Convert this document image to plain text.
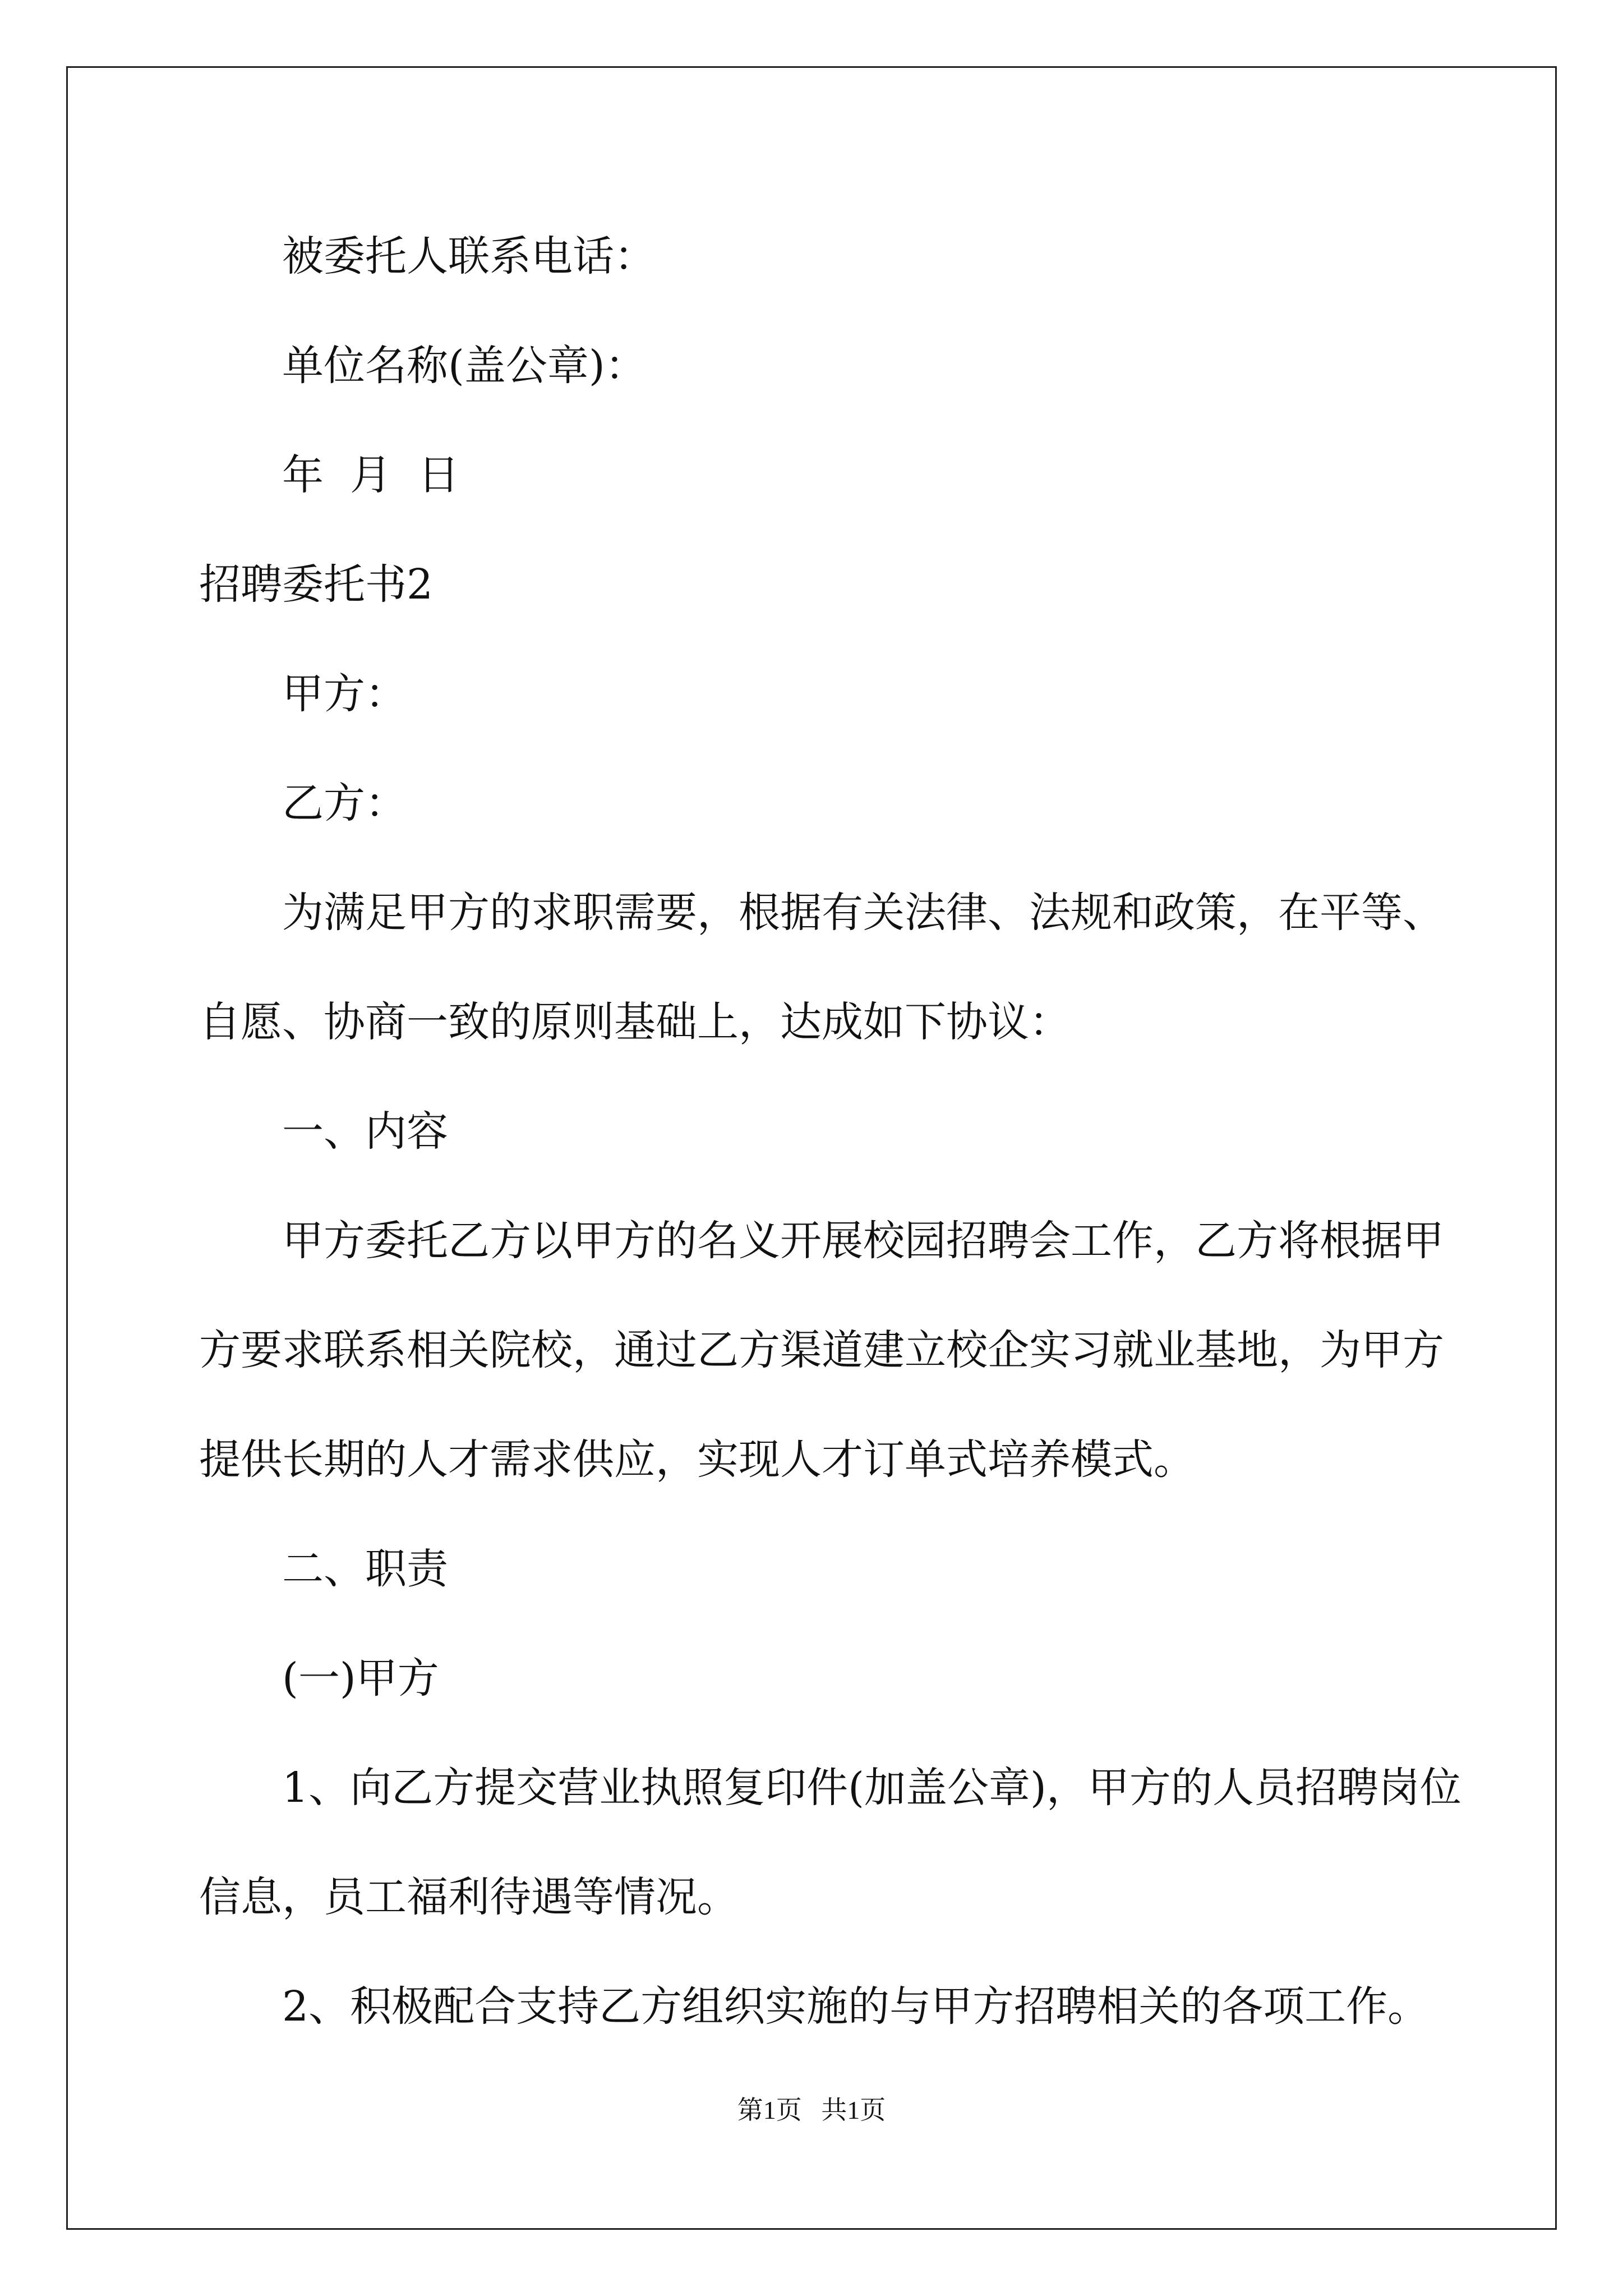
被委托人联系电话：

单位名称(盖公章)：

年  月  日

招聘委托书2

甲方：

乙方：

为满足甲方的求职需要，根据有关法律、法规和政策，在平等、

自愿、协商一致的原则基础上，达成如下协议：

一、内容

甲方委托乙方以甲方的名义开展校园招聘会工作，乙方将根据甲

方要求联系相关院校，通过乙方渠道建立校企实习就业基地，为甲方

提供长期的人才需求供应，实现人才订单式培养模式。

二、职责

(一)甲方

1、向乙方提交营业执照复印件(加盖公章)，甲方的人员招聘岗位

信息，员工福利待遇等情况。

2、积极配合支持乙方组织实施的与甲方招聘相关的各项工作。

第1页   共1页
